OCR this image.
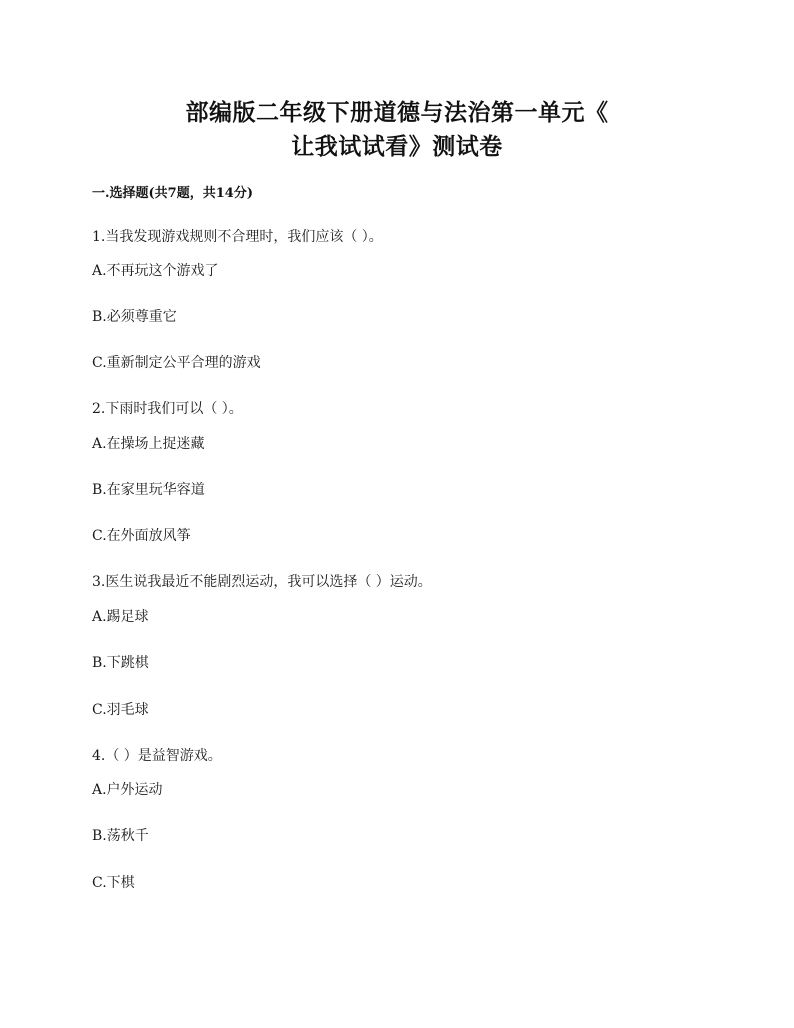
部编版二年级下册道德与法治第一单元《
让我试试看》测试卷
一.选择题(共7题，共14分)
1.当我发现游戏规则不合理时，我们应该（ ）。
A.不再玩这个游戏了
B.必须尊重它
C.重新制定公平合理的游戏
2.下雨时我们可以（ ）。
A.在操场上捉迷藏
B.在家里玩华容道
C.在外面放风筝
3.医生说我最近不能剧烈运动，我可以选择（ ）运动。
A.踢足球
B.下跳棋
C.羽毛球
4.（ ）是益智游戏。
A.户外运动
B.荡秋千
C.下棋
